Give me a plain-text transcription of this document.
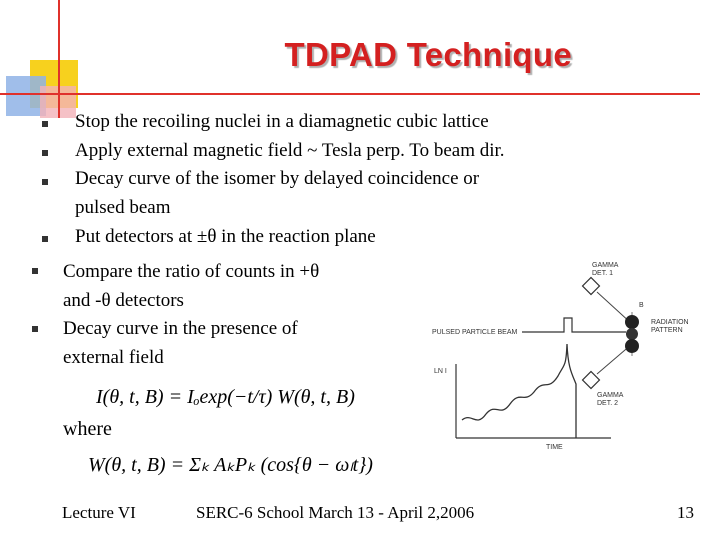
TDPAD Technique
Stop the recoiling nuclei in a diamagnetic cubic lattice
Apply external magnetic field ~ Tesla perp. To beam dir.
Decay curve of the isomer by delayed coincidence or
pulsed beam
Put detectors at ±θ in the reaction plane
Compare the ratio of counts in +θ
and -θ detectors
Decay curve in the presence of
external field
I(θ, t, B) = Iₒexp(−t/τ) W(θ, t, B)
where
W(θ, t, B) = Σₖ AₖPₖ (cos{θ − ωₗt})
GAMMA
DET. 1
GAMMA
DET. 2
B
RADIATION
PATTERN
PULSED PARTICLE BEAM
LN I
TIME
Lecture VI	SERC-6 School March 13 - April 2,2006	13
